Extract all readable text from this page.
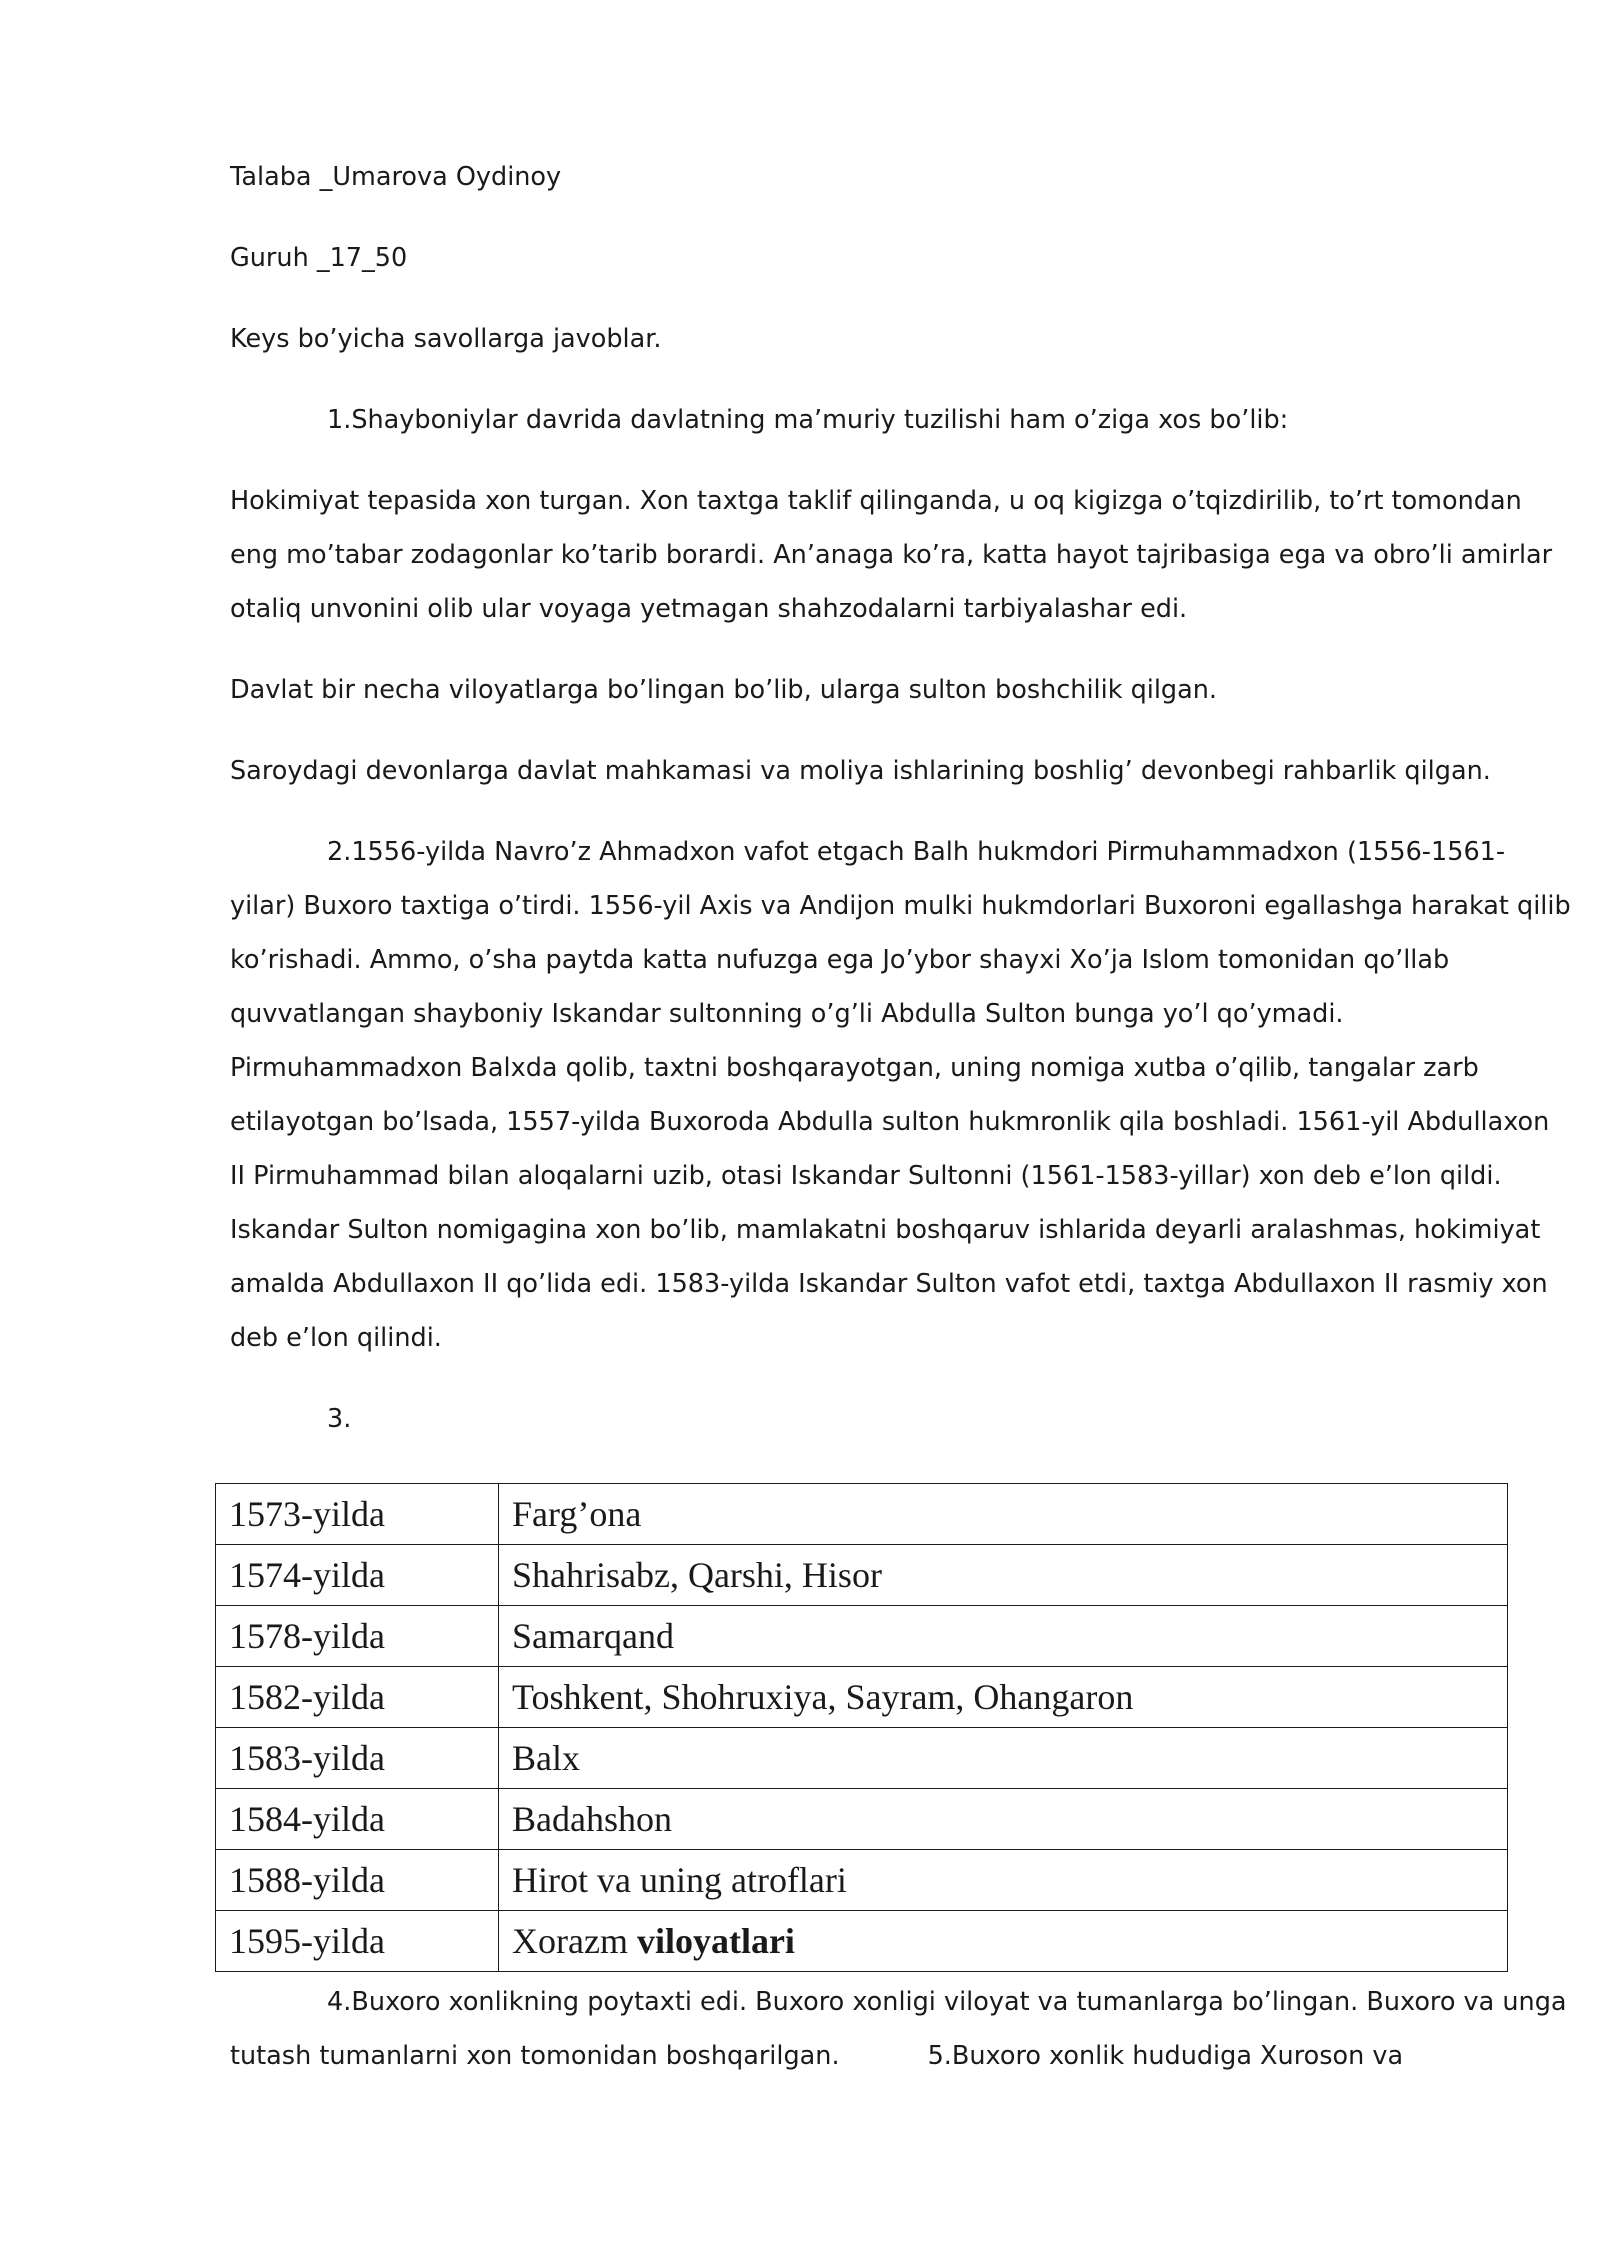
Talaba _Umarova Oydinoy

Guruh _17_50

Keys bo’yicha savollarga javoblar.

1.Shayboniylar davrida davlatning ma’muriy tuzilishi ham o’ziga xos bo’lib:

Hokimiyat tepasida xon turgan. Xon taxtga taklif qilinganda, u oq kigizga o’tqizdirilib, to’rt tomondan
eng mo’tabar zodagonlar ko’tarib borardi. An’anaga ko’ra, katta hayot tajribasiga ega va obro’li amirlar
otaliq unvonini olib ular voyaga yetmagan shahzodalarni tarbiyalashar edi.

Davlat bir necha viloyatlarga bo’lingan bo’lib, ularga sulton boshchilik qilgan.

Saroydagi devonlarga davlat mahkamasi va moliya ishlarining boshlig’ devonbegi rahbarlik qilgan.

2.1556-yilda Navro’z Ahmadxon vafot etgach Balh hukmdori Pirmuhammadxon (1556-1561-
yilar) Buxoro taxtiga o’tirdi. 1556-yil Axis va Andijon mulki hukmdorlari Buxoroni egallashga harakat qilib
ko’rishadi. Ammo, o’sha paytda katta nufuzga ega Jo’ybor shayxi Xo’ja Islom tomonidan qo’llab
quvvatlangan shayboniy Iskandar sultonning o’g’li Abdulla Sulton bunga yo’l qo’ymadi.
Pirmuhammadxon Balxda qolib, taxtni boshqarayotgan, uning nomiga xutba o’qilib, tangalar zarb
etilayotgan bo’lsada, 1557-yilda Buxoroda Abdulla sulton hukmronlik qila boshladi. 1561-yil Abdullaxon
II Pirmuhammad bilan aloqalarni uzib, otasi Iskandar Sultonni (1561-1583-yillar) xon deb e’lon qildi.
Iskandar Sulton nomigagina xon bo’lib, mamlakatni boshqaruv ishlarida deyarli aralashmas, hokimiyat
amalda Abdullaxon II qo’lida edi. 1583-yilda Iskandar Sulton vafot etdi, taxtga Abdullaxon II rasmiy xon
deb e’lon qilindi.

3.

1573-yilda	Farg’ona
1574-yilda	Shahrisabz, Qarshi, Hisor
1578-yilda	Samarqand
1582-yilda	Toshkent, Shohruxiya, Sayram, Ohangaron
1583-yilda	Balx
1584-yilda	Badahshon
1588-yilda	Hirot va uning atroflari
1595-yilda	Xorazm viloyatlari
4.Buxoro xonlikning poytaxti edi. Buxoro xonligi viloyat va tumanlarga bo’lingan. Buxoro va unga
tutash tumanlarni xon tomonidan boshqarilgan.	5.Buxoro xonlik hududiga Xuroson va
